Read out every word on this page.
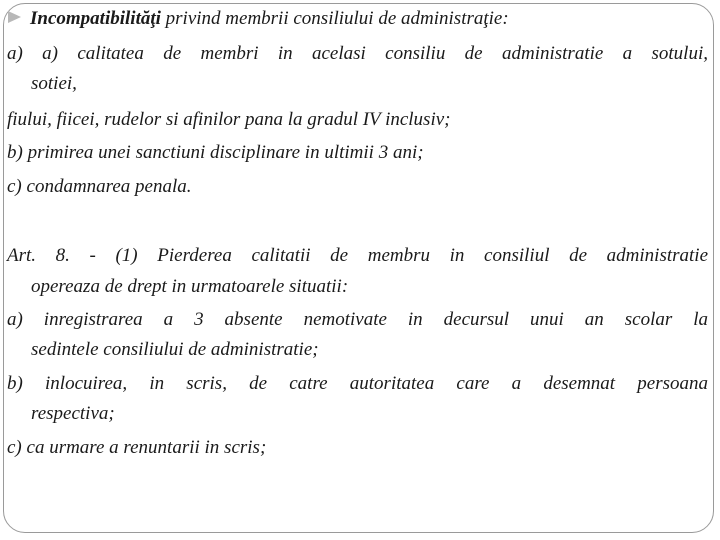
Incompatibilităţi privind membrii consiliului de administraţie:
a) a) calitatea de membri in acelasi consiliu de administratie a sotului,
sotiei,
fiului, fiicei, rudelor si afinilor pana la gradul IV inclusiv;
b) primirea unei sanctiuni disciplinare in ultimii 3 ani;
c) condamnarea penala.
Art. 8. - (1) Pierderea calitatii de membru in consiliul de administratie
opereaza de drept in urmatoarele situatii:
a) inregistrarea a 3 absente nemotivate in decursul unui an scolar la
sedintele consiliului de administratie;
b) inlocuirea, in scris, de catre autoritatea care a desemnat persoana
respectiva;
c) ca urmare a renuntarii in scris;
